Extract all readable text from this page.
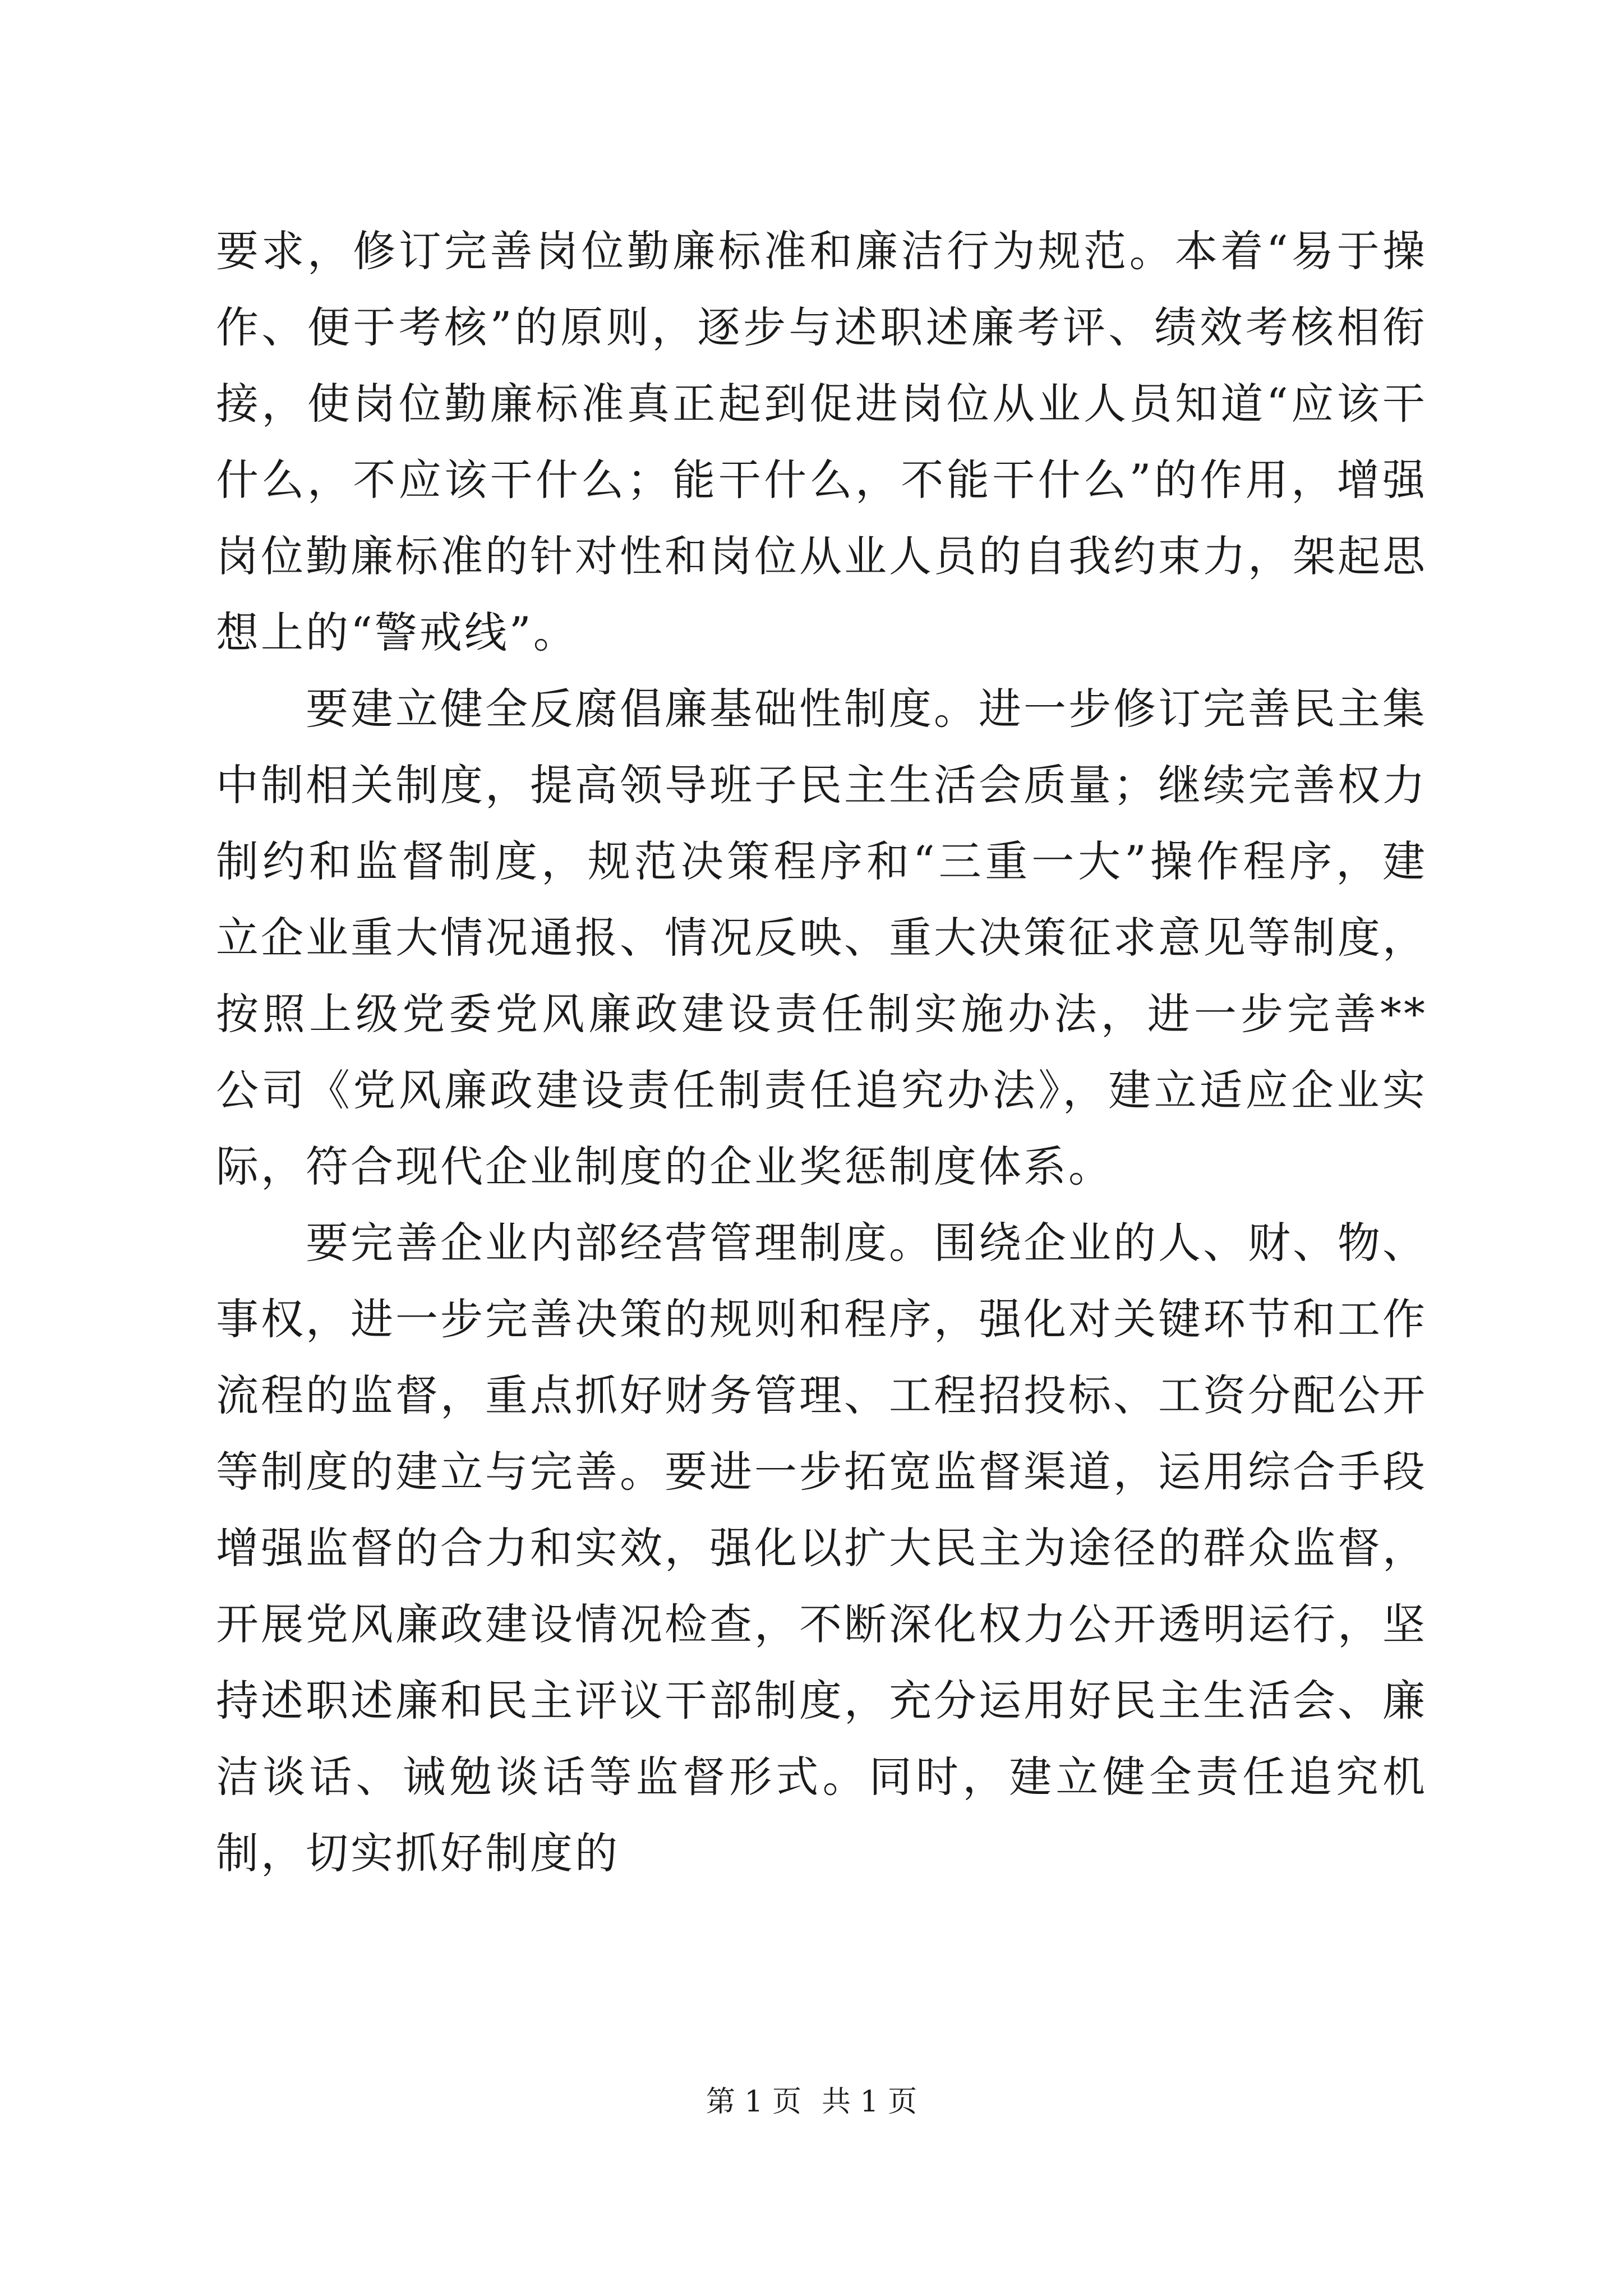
要求，修订完善岗位勤廉标准和廉洁行为规范。本着“易于操作、便于考核”的原则，逐步与述职述廉考评、绩效考核相衔接，使岗位勤廉标准真正起到促进岗位从业人员知道“应该干什么，不应该干什么；能干什么，不能干什么”的作用，增强岗位勤廉标准的针对性和岗位从业人员的自我约束力，架起思想上的“警戒线”。

要建立健全反腐倡廉基础性制度。进一步修订完善民主集中制相关制度，提高领导班子民主生活会质量；继续完善权力制约和监督制度，规范决策程序和“三重一大”操作程序，建立企业重大情况通报、情况反映、重大决策征求意见等制度，按照上级党委党风廉政建设责任制实施办法，进一步完善**公司《党风廉政建设责任制责任追究办法》，建立适应企业实际，符合现代企业制度的企业奖惩制度体系。

要完善企业内部经营管理制度。围绕企业的人、财、物、事权，进一步完善决策的规则和程序，强化对关键环节和工作流程的监督，重点抓好财务管理、工程招投标、工资分配公开等制度的建立与完善。要进一步拓宽监督渠道，运用综合手段增强监督的合力和实效，强化以扩大民主为途径的群众监督，开展党风廉政建设情况检查，不断深化权力公开透明运行，坚持述职述廉和民主评议干部制度，充分运用好民主生活会、廉洁谈话、诫勉谈话等监督形式。同时，建立健全责任追究机制，切实抓好制度的

第 1 页 共 1 页
